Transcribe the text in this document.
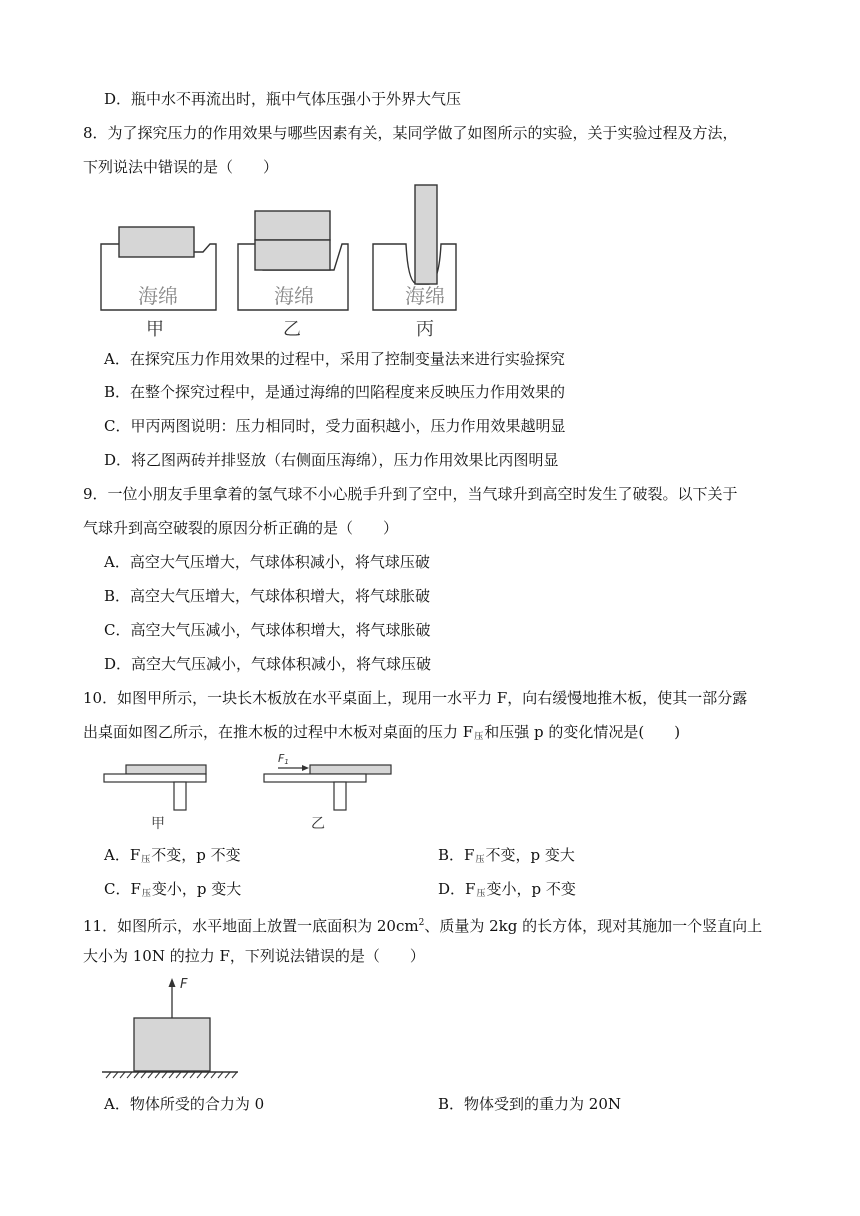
D．瓶中水不再流出时，瓶中气体压强小于外界大气压
8．为了探究压力的作用效果与哪些因素有关，某同学做了如图所示的实验，关于实验过程及方法，
下列说法中错误的是（　　）
海绵
甲
海绵
乙
海绵
丙
A．在探究压力作用效果的过程中，采用了控制变量法来进行实验探究
B．在整个探究过程中，是通过海绵的凹陷程度来反映压力作用效果的
C．甲丙两图说明：压力相同时，受力面积越小，压力作用效果越明显
D．将乙图两砖并排竖放（右侧面压海绵），压力作用效果比丙图明显
9．一位小朋友手里拿着的氢气球不小心脱手升到了空中，当气球升到高空时发生了破裂。以下关于
气球升到高空破裂的原因分析正确的是（　　）
A．高空大气压增大，气球体积减小，将气球压破
B．高空大气压增大，气球体积增大，将气球胀破
C．高空大气压减小，气球体积增大，将气球胀破
D．高空大气压减小，气球体积减小，将气球压破
10．如图甲所示，一块长木板放在水平桌面上，现用一水平力 F，向右缓慢地推木板，使其一部分露
出桌面如图乙所示，在推木板的过程中木板对桌面的压力 $F_压$和压强 p 的变化情况是(　　)
甲
F1
乙
A．$F_压$不变，p 不变	B．$F_压$不变，p 变大
C．$F_压$变小，p 变大	D．$F_压$变小，p 不变
11．如图所示，水平地面上放置一底面积为 $20cm^2$、质量为 2kg 的长方体，现对其施加一个竖直向上
大小为 10N 的拉力 F，下列说法错误的是（　　）
F
A．物体所受的合力为 0	B．物体受到的重力为 20N
